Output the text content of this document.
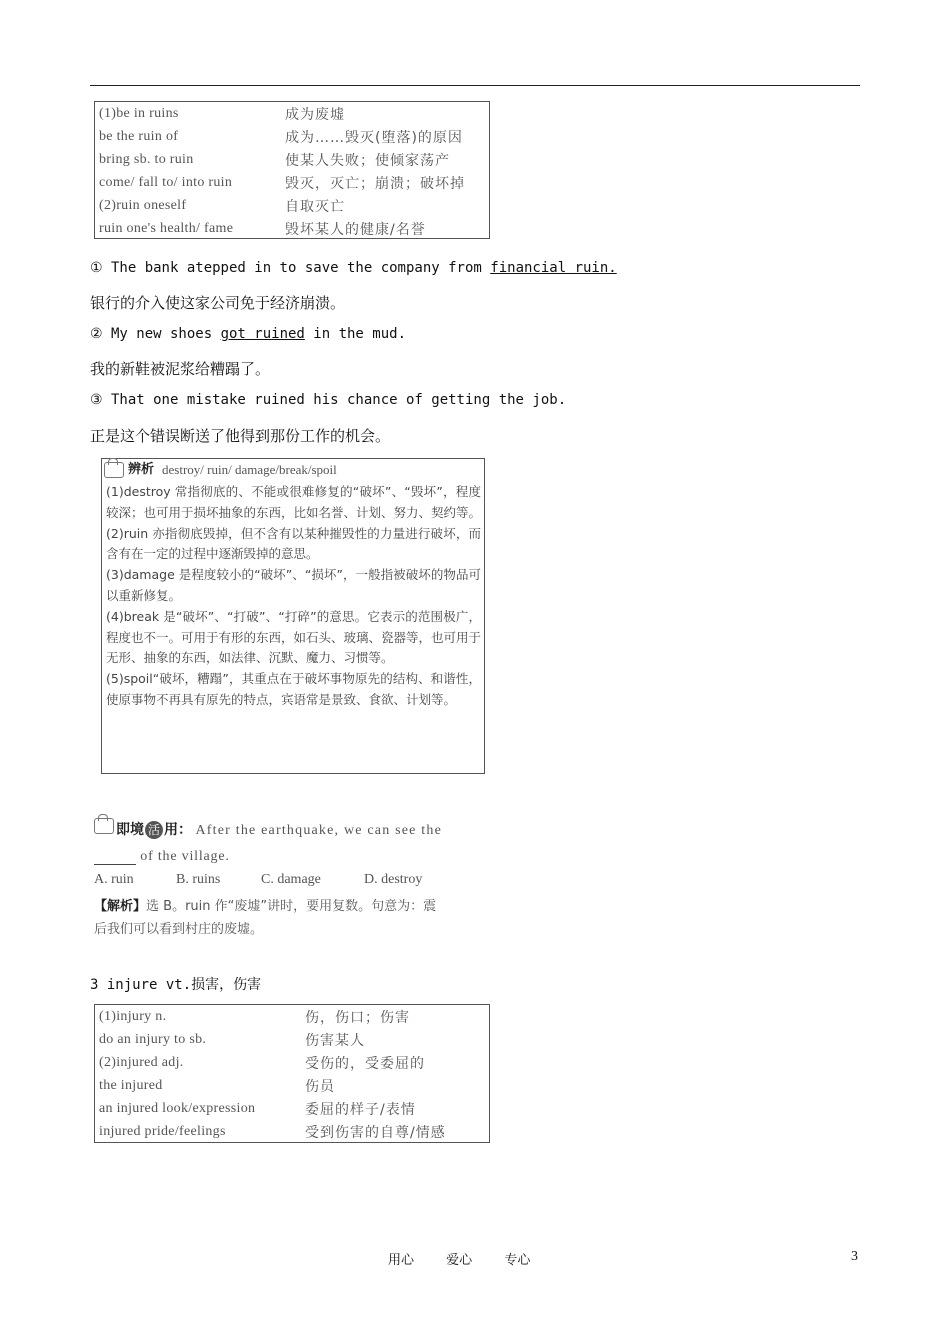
(1)be in ruins	成为废墟
be the ruin of	成为……毁灭(堕落)的原因
bring sb. to ruin	使某人失败；使倾家荡产
come/ fall to/ into ruin	毁灭，灭亡；崩溃；破坏掉
(2)ruin oneself	自取灭亡
ruin one's health/ fame	毁坏某人的健康/名誉
① The bank atepped in to save the company from financial ruin.
银行的介入使这家公司免于经济崩溃。
② My new shoes got ruined in the mud.
我的新鞋被泥浆给糟蹋了。
③ That one mistake ruined his chance of getting the job.
正是这个错误断送了他得到那份工作的机会。
辨析 destroy/ ruin/ damage/break/spoil

(1)destroy 常指彻底的、不能或很难修复的“破坏”、“毁坏”，程度较深；也可用于损坏抽象的东西，比如名誉、计划、努力、契约等。

(2)ruin 亦指彻底毁掉，但不含有以某种摧毁性的力量进行破坏，而含有在一定的过程中逐渐毁掉的意思。

(3)damage 是程度较小的“破坏”、“损坏”，一般指被破坏的物品可以重新修复。

(4)break 是“破坏”、“打破”、“打碎”的意思。它表示的范围极广，程度也不一。可用于有形的东西，如石头、玻璃、瓷器等，也可用于无形、抽象的东西，如法律、沉默、魔力、习惯等。

(5)spoil“破坏，糟蹋”，其重点在于破坏事物原先的结构、和谐性，使原事物不再具有原先的特点，宾语常是景致、食欲、计划等。

即境 活 用： After the earthquake, we can see the
______ of the village.
A. ruin	B. ruins	C. damage	D. destroy
【解析】选 B。ruin 作“废墟”讲时，要用复数。句意为：震
后我们可以看到村庄的废墟。
3 injure vt.损害，伤害
(1)injury n.	伤，伤口；伤害
do an injury to sb.	伤害某人
(2)injured adj.	受伤的，受委屈的
the injured	伤员
an injured look/expression	委屈的样子/表情
injured pride/feelings	受到伤害的自尊/情感
用心 爱心 专心	3
